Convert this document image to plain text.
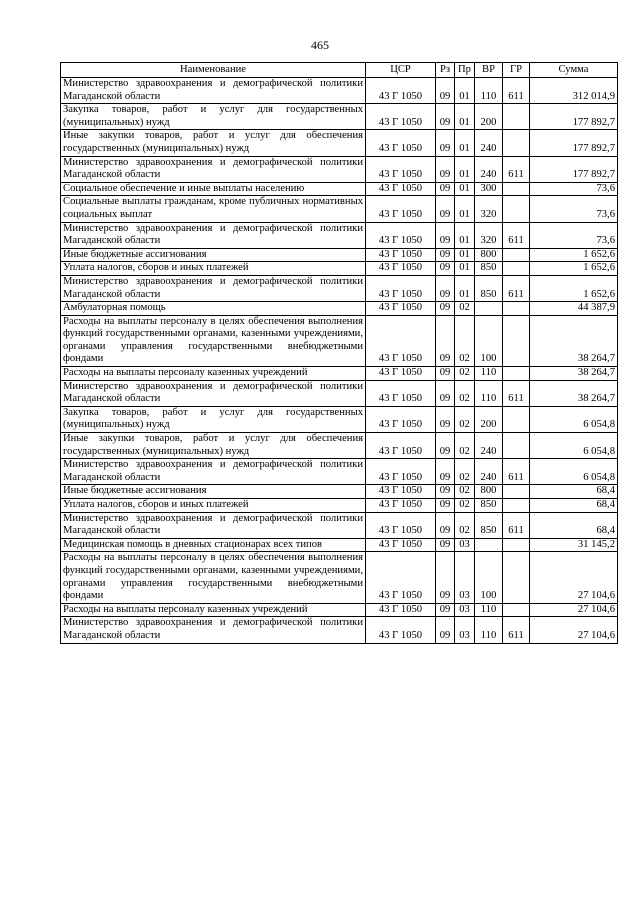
465
Наименование	ЦСР	Рз	Пр	ВР	ГР	Сумма
Министерство здравоохранения и демографической политики Магаданской области	43 Г 1050	09	01	110	611	312 014,9
Закупка товаров, работ и услуг для государственных (муниципальных) нужд	43 Г 1050	09	01	200		177 892,7
Иные закупки товаров, работ и услуг для обеспечения государственных (муниципальных) нужд	43 Г 1050	09	01	240		177 892,7
Министерство здравоохранения и демографической политики Магаданской области	43 Г 1050	09	01	240	611	177 892,7
Социальное обеспечение и иные выплаты населению	43 Г 1050	09	01	300		73,6
Социальные выплаты гражданам, кроме публичных нормативных социальных выплат	43 Г 1050	09	01	320		73,6
Министерство здравоохранения и демографической политики Магаданской области	43 Г 1050	09	01	320	611	73,6
Иные бюджетные ассигнования	43 Г 1050	09	01	800		1 652,6
Уплата налогов, сборов и иных платежей	43 Г 1050	09	01	850		1 652,6
Министерство здравоохранения и демографической политики Магаданской области	43 Г 1050	09	01	850	611	1 652,6
Амбулаторная помощь	43 Г 1050	09	02			44 387,9
Расходы на выплаты персоналу в целях обеспечения выполнения функций государственными органами, казенными учреждениями, органами управления государственными внебюджетными фондами	43 Г 1050	09	02	100		38 264,7
Расходы на выплаты персоналу казенных учреждений	43 Г 1050	09	02	110		38 264,7
Министерство здравоохранения и демографической политики Магаданской области	43 Г 1050	09	02	110	611	38 264,7
Закупка товаров, работ и услуг для государственных (муниципальных) нужд	43 Г 1050	09	02	200		6 054,8
Иные закупки товаров, работ и услуг для обеспечения государственных (муниципальных) нужд	43 Г 1050	09	02	240		6 054,8
Министерство здравоохранения и демографической политики Магаданской области	43 Г 1050	09	02	240	611	6 054,8
Иные бюджетные ассигнования	43 Г 1050	09	02	800		68,4
Уплата налогов, сборов и иных платежей	43 Г 1050	09	02	850		68,4
Министерство здравоохранения и демографической политики Магаданской области	43 Г 1050	09	02	850	611	68,4
Медицинская помощь в дневных стационарах всех типов	43 Г 1050	09	03			31 145,2
Расходы на выплаты персоналу в целях обеспечения выполнения функций государственными органами, казенными учреждениями, органами управления государственными внебюджетными фондами	43 Г 1050	09	03	100		27 104,6
Расходы на выплаты персоналу казенных учреждений	43 Г 1050	09	03	110		27 104,6
Министерство здравоохранения и демографической политики Магаданской области	43 Г 1050	09	03	110	611	27 104,6
